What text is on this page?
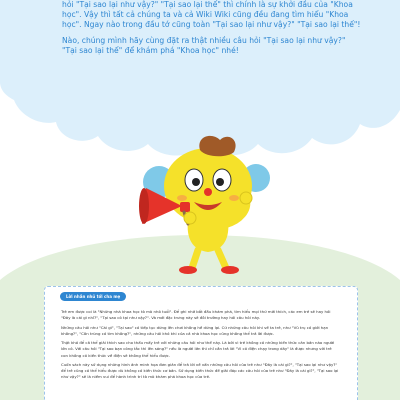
hỏi "Tại sao lại như vậy?" "Tại sao lại thế" thì chính là sự khởi đầu của "Khoa học". Vậy thì tất cả chúng ta và cả Wiki Wiki cũng đều đang tìm hiểu "Khoa học". Ngay nào trong đầu tớ cũng toàn "Tại sao lại như vậy?" "Tại sao lại thế"!

Nào, chúng mình hãy cùng đặt ra thật nhiều câu hỏi "Tại sao lại như vậy?" "Tại sao lại thế" để khám phá "Khoa học" nhé!

Lời nhắn nhủ tới cha mẹ

Trẻ em được coi là "Những nhà khoa học tò mò nhỏ tuổi". Để ghi nhớ bắt đầu khám phá, tìm hiểu mọi thứ mới thích, các em trẻ sẽ hay hỏi "Đây là cái gì nhỉ?", "Tại sao có tại như vậy?". Và mới đặc trưng này sẽ đôi trường hay hỏi câu hỏi này.

Những câu hỏi như "Cái gì", "Tại sao" có tiếp tục dừng lên chơi không hề dừng lại. Cứ những câu hỏi khi về ta trẻ, như "Vũ trụ có giới hạn không?", "Côn trùng có tim không?", những câu hỏi khó khi của cả nhà khoa học cũng không thể trả lời được.

Thật khó để cả thể giải thích sao cho thấu mấy trẻ với những câu hỏi như thế này. Là bởi vì trẻ không có những kiến thức căn bản nào người lớn có. Với câu hỏi "Tại sao bạn cóng tắc thì lên sáng?" nếu là người lớn thì chỉ cần trả lời "Vì có điện chạy trong dây" là được nhưng với trẻ con không có kiến thức về điện sẽ không thể hiểu được.

Cuốn sách này sử dụng những hình ảnh minh họa đơn giản để trả lời về vấn những câu hỏi của trẻ như "Đây là cái gì?", "Tại sao lại như vậy?" để trẻ cũng có thể hiểu được dù không có kiến thức cơ bản. Sử dụng kiến thức đề giải đáp các câu hỏi của trẻ như "Đây là cái gì?", "Tại sao lại như vậy?" sẽ là niềm vui để hành trình trí tò mò khám phá khoa học của trẻ.
